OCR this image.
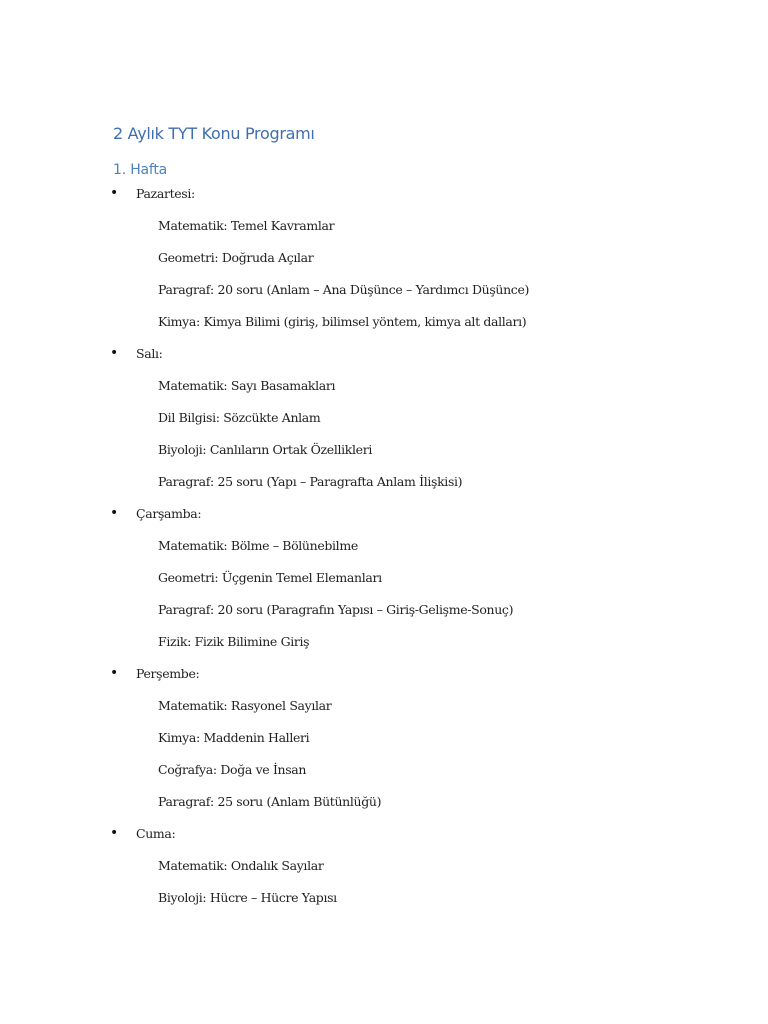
2 Aylık TYT Konu Programı
1. Hafta
• Pazartesi:
Matematik: Temel Kavramlar
Geometri: Doğruda Açılar
Paragraf: 20 soru (Anlam – Ana Düşünce – Yardımcı Düşünce)
Kimya: Kimya Bilimi (giriş, bilimsel yöntem, kimya alt dalları)
• Salı:
Matematik: Sayı Basamakları
Dil Bilgisi: Sözcükte Anlam
Biyoloji: Canlıların Ortak Özellikleri
Paragraf: 25 soru (Yapı – Paragrafta Anlam İlişkisi)
• Çarşamba:
Matematik: Bölme – Bölünebilme
Geometri: Üçgenin Temel Elemanları
Paragraf: 20 soru (Paragrafın Yapısı – Giriş-Gelişme-Sonuç)
Fizik: Fizik Bilimine Giriş
• Perşembe:
Matematik: Rasyonel Sayılar
Kimya: Maddenin Halleri
Coğrafya: Doğa ve İnsan
Paragraf: 25 soru (Anlam Bütünlüğü)
• Cuma:
Matematik: Ondalık Sayılar
Biyoloji: Hücre – Hücre Yapısı
